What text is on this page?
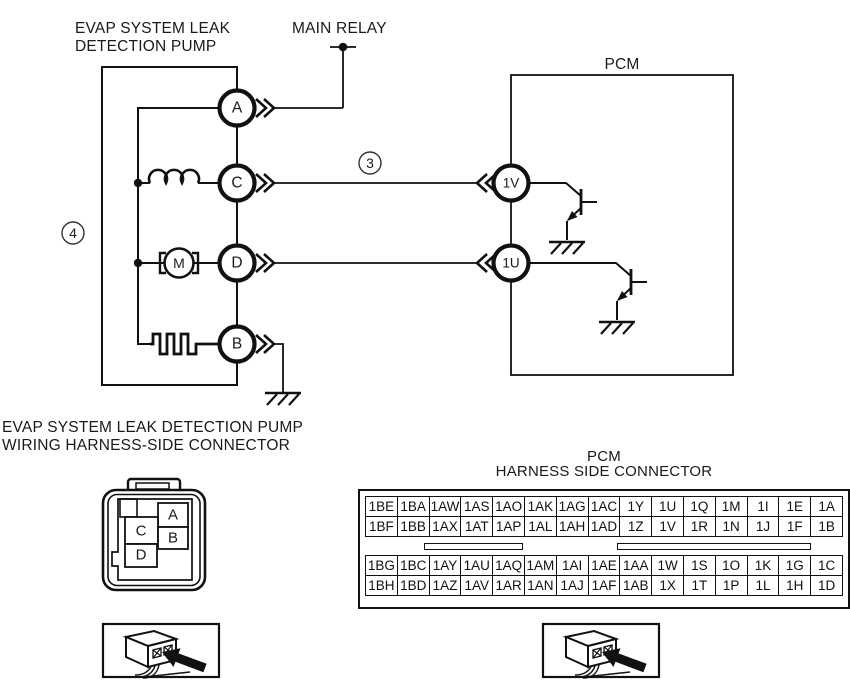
EVAP SYSTEM LEAK
DETECTION PUMP
MAIN RELAY
PCM
A
C
D
B
M
1V
1U
3
4
EVAP SYSTEM LEAK DETECTION PUMP
WIRING HARNESS-SIDE CONNECTOR
A
C B
D
PCM
HARNESS SIDE CONNECTOR
1BE	1BA	1AW	1AS	1AO	1AK	1AG	1AC	1Y	1U	1Q	1M	1I	1E	1A
1BF	1BB	1AX	1AT	1AP	1AL	1AH	1AD	1Z	1V	1R	1N	1J	1F	1B
1BG	1BC	1AY	1AU	1AQ	1AM	1AI	1AE	1AA	1W	1S	1O	1K	1G	1C
1BH	1BD	1AZ	1AV	1AR	1AN	1AJ	1AF	1AB	1X	1T	1P	1L	1H	1D
